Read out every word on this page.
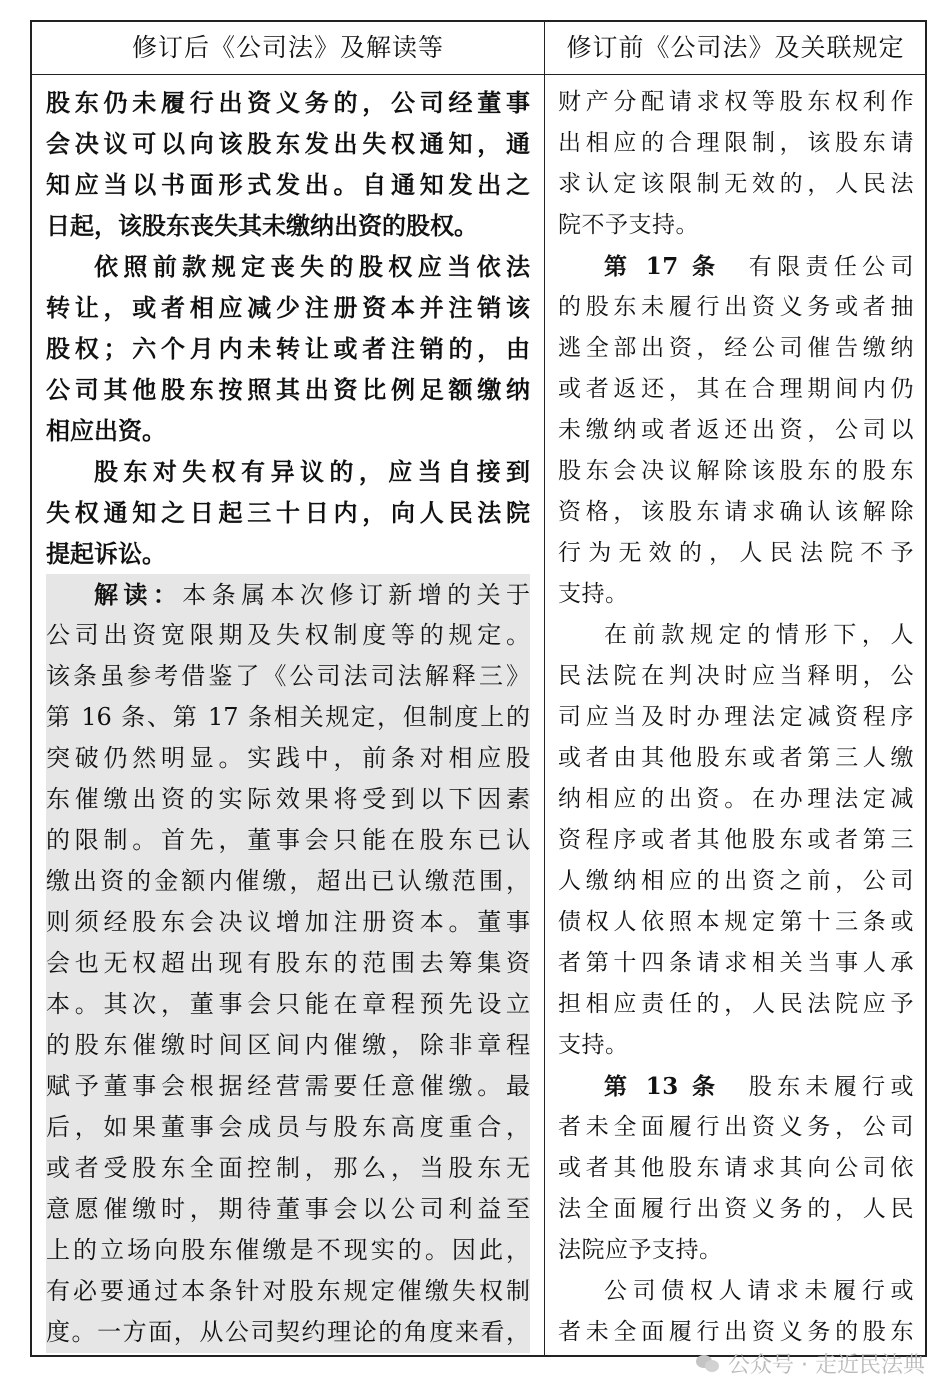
修订后《公司法》及解读等	修订前《公司法》及关联规定
股东仍未履行出资义务的，公司经董事
会决议可以向该股东发出失权通知，通
知应当以书面形式发出。自通知发出之
日起，该股东丧失其未缴纳出资的股权。
依照前款规定丧失的股权应当依法
转让，或者相应减少注册资本并注销该
股权；六个月内未转让或者注销的，由
公司其他股东按照其出资比例足额缴纳
相应出资。
股东对失权有异议的，应当自接到
失权通知之日起三十日内，向人民法院
提起诉讼。
解读：本条属本次修订新增的关于
公司出资宽限期及失权制度等的规定。
该条虽参考借鉴了《公司法司法解释三》
第 16 条、第 17 条相关规定，但制度上的
突破仍然明显。实践中，前条对相应股
东催缴出资的实际效果将受到以下因素
的限制。首先，董事会只能在股东已认
缴出资的金额内催缴，超出已认缴范围，
则须经股东会决议增加注册资本。董事
会也无权超出现有股东的范围去筹集资
本。其次，董事会只能在章程预先设立
的股东催缴时间区间内催缴，除非章程
赋予董事会根据经营需要任意催缴。最
后，如果董事会成员与股东高度重合，
或者受股东全面控制，那么，当股东无
意愿催缴时，期待董事会以公司利益至
上的立场向股东催缴是不现实的。因此，
有必要通过本条针对股东规定催缴失权制
度。一方面，从公司契约理论的角度来看，
财产分配请求权等股东权利作
出相应的合理限制，该股东请
求认定该限制无效的，人民法
院不予支持。
第 17 条　 有限责任公司
的股东未履行出资义务或者抽
逃全部出资，经公司催告缴纳
或者返还，其在合理期间内仍
未缴纳或者返还出资，公司以
股东会决议解除该股东的股东
资格，该股东请求确认该解除
行为无效的，人民法院不予
支持。
在前款规定的情形下，人
民法院在判决时应当释明，公
司应当及时办理法定减资程序
或者由其他股东或者第三人缴
纳相应的出资。在办理法定减
资程序或者其他股东或者第三
人缴纳相应的出资之前，公司
债权人依照本规定第十三条或
者第十四条请求相关当事人承
担相应责任的，人民法院应予
支持。
第 13 条　 股东未履行或
者未全面履行出资义务，公司
或者其他股东请求其向公司依
法全面履行出资义务的，人民
法院应予支持。
公司债权人请求未履行或
者未全面履行出资义务的股东
公众号 · 走近民法典
